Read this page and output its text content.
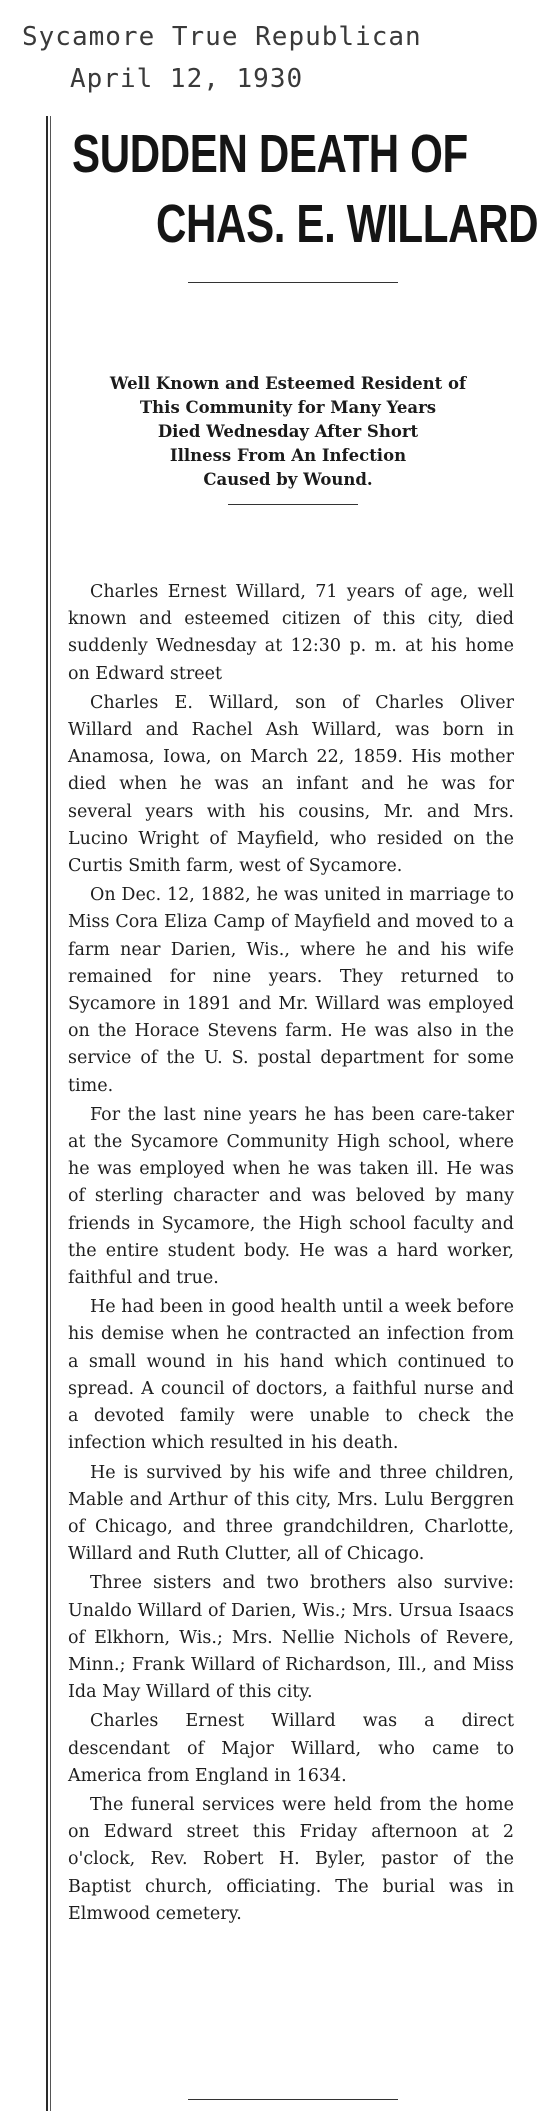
Sycamore True Republican
April 12, 1930
SUDDEN DEATH OF
CHAS. E. WILLARD
Well Known and Esteemed Resident of
This Community for Many Years
Died Wednesday After Short
Illness From An Infection
Caused by Wound.

Charles Ernest Willard, 71 years of age, well known and esteemed citizen of this city, died suddenly Wednesday at 12:30 p. m. at his home on Edward street

Charles E. Willard, son of Charles Oliver Willard and Rachel Ash Willard, was born in Anamosa, Iowa, on March 22, 1859. His mother died when he was an infant and he was for several years with his cousins, Mr. and Mrs. Lucino Wright of Mayfield, who resided on the Curtis Smith farm, west of Sycamore.

On Dec. 12, 1882, he was united in marriage to Miss Cora Eliza Camp of Mayfield and moved to a farm near Darien, Wis., where he and his wife remained for nine years. They returned to Sycamore in 1891 and Mr. Willard was employed on the Horace Stevens farm. He was also in the service of the U. S. postal department for some time.

For the last nine years he has been care-taker at the Sycamore Community High school, where he was employed when he was taken ill. He was of sterling character and was beloved by many friends in Sycamore, the High school faculty and the entire student body. He was a hard worker, faithful and true.

He had been in good health until a week before his demise when he contracted an infection from a small wound in his hand which continued to spread. A council of doctors, a faithful nurse and a devoted family were unable to check the infection which resulted in his death.

He is survived by his wife and three children, Mable and Arthur of this city, Mrs. Lulu Berggren of Chicago, and three grandchildren, Charlotte, Willard and Ruth Clutter, all of Chicago.

Three sisters and two brothers also survive: Unaldo Willard of Darien, Wis.; Mrs. Ursua Isaacs of Elkhorn, Wis.; Mrs. Nellie Nichols of Revere, Minn.; Frank Willard of Richardson, Ill., and Miss Ida May Willard of this city.

Charles Ernest Willard was a direct descendant of Major Willard, who came to America from England in 1634.

The funeral services were held from the home on Edward street this Friday afternoon at 2 o'clock, Rev. Robert H. Byler, pastor of the Baptist church, officiating. The burial was in Elmwood cemetery.
